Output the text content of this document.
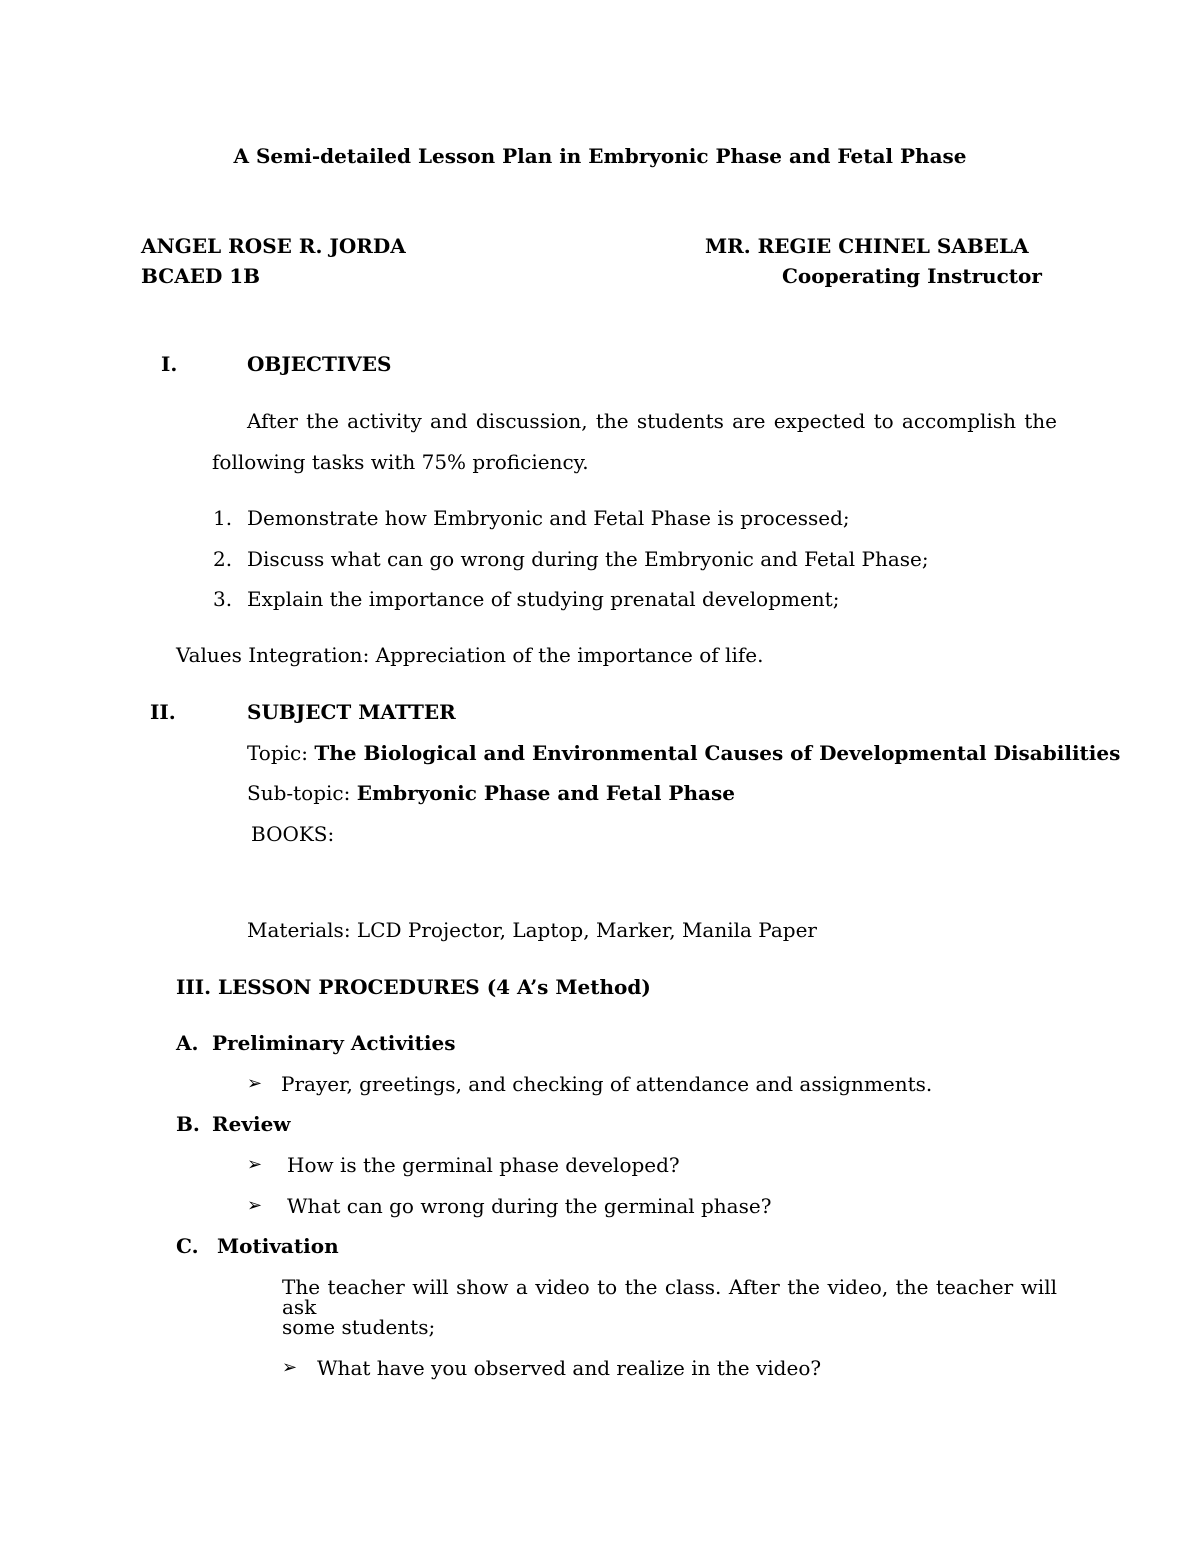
A Semi-detailed Lesson Plan in Embryonic Phase and Fetal Phase
ANGEL ROSE R. JORDA
BCAED 1B
MR. REGIE CHINEL SABELA
Cooperating Instructor
I.	OBJECTIVES
After the activity and discussion, the students are expected to accomplish the
following tasks with 75% proficiency.
1. Demonstrate how Embryonic and Fetal Phase is processed;
2. Discuss what can go wrong during the Embryonic and Fetal Phase;
3. Explain the importance of studying prenatal development;
Values Integration: Appreciation of the importance of life.
II.	SUBJECT MATTER
Topic: The Biological and Environmental Causes of Developmental Disabilities
Sub-topic: Embryonic Phase and Fetal Phase
BOOKS:
Materials: LCD Projector, Laptop, Marker, Manila Paper
III. LESSON PROCEDURES (4 A’s Method)
A. Preliminary Activities
➢ Prayer, greetings, and checking of attendance and assignments.
B. Review
➢ How is the germinal phase developed?
➢ What can go wrong during the germinal phase?
C. Motivation
The teacher will show a video to the class. After the video, the teacher will ask
some students;
➢ What have you observed and realize in the video?
